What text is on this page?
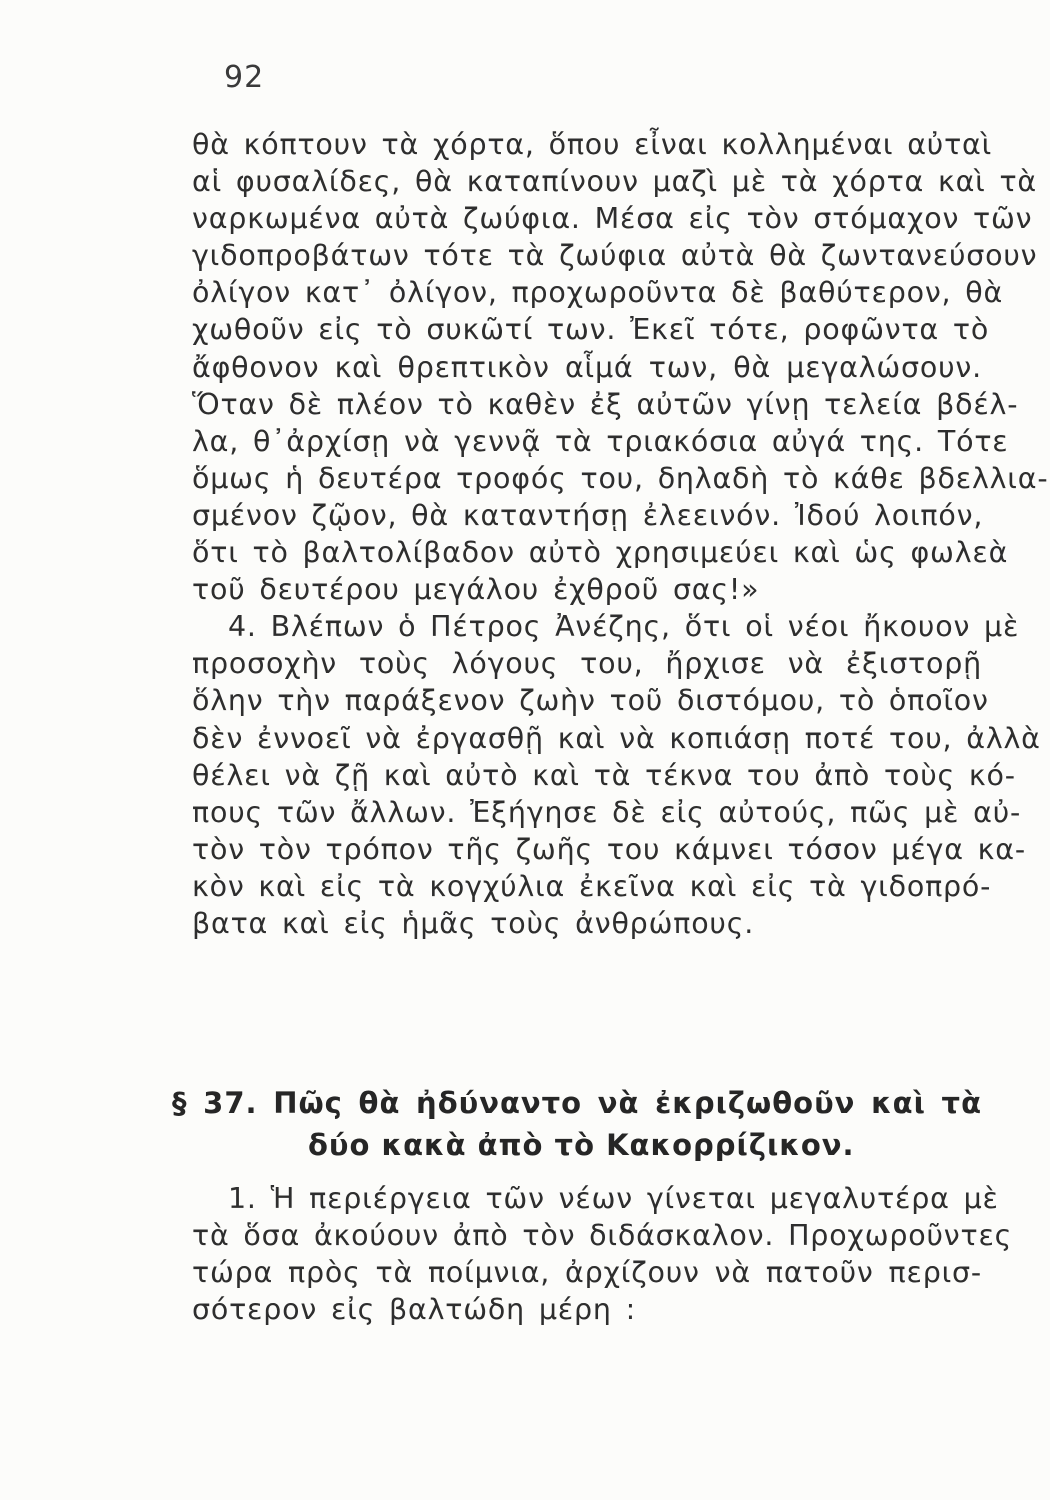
92
θὰ κόπτουν τὰ χόρτα, ὅπου εἶναι κολλημέναι αὐταὶ
αἱ φυσαλίδες, θὰ καταπίνουν μαζὶ μὲ τὰ χόρτα καὶ τὰ
ναρκωμένα αὐτὰ ζωύφια. Μέσα εἰς τὸν στόμαχον τῶν
γιδοπροβάτων τότε τὰ ζωύφια αὐτὰ θὰ ζωντανεύσουν
ὀλίγον κατ᾽ ὀλίγον, προχωροῦντα δὲ βαθύτερον, θὰ
χωθοῦν εἰς τὸ συκῶτί των. Ἐκεῖ τότε, ροφῶντα τὸ
ἄφθονον καὶ θρεπτικὸν αἷμά των, θὰ μεγαλώσουν.
Ὅταν δὲ πλέον τὸ καθὲν ἐξ αὐτῶν γίνῃ τελεία βδέλ-
λα, θ᾽ἀρχίσῃ νὰ γεννᾷ τὰ τριακόσια αὐγά της. Τότε
ὅμως ἡ δευτέρα τροφός του, δηλαδὴ τὸ κάθε βδελλια-
σμένον ζῷον, θὰ καταντήσῃ ἐλεεινόν. Ἰδού λοιπόν,
ὅτι τὸ βαλτολίβαδον αὐτὸ χρησιμεύει καὶ ὡς φωλεὰ
τοῦ δευτέρου μεγάλου ἐχθροῦ σας!»
4. Βλέπων ὁ Πέτρος Ἀνέζης, ὅτι οἱ νέοι ἤκουον μὲ
προσοχὴν τοὺς λόγους του, ἤρχισε νὰ ἐξιστορῇ
ὅλην τὴν παράξενον ζωὴν τοῦ διστόμου, τὸ ὁποῖον
δὲν ἐννοεῖ νὰ ἐργασθῇ καὶ νὰ κοπιάσῃ ποτέ του, ἀλλὰ
θέλει νὰ ζῇ καὶ αὐτὸ καὶ τὰ τέκνα του ἀπὸ τοὺς κό-
πους τῶν ἄλλων. Ἐξήγησε δὲ εἰς αὐτούς, πῶς μὲ αὐ-
τὸν τὸν τρόπον τῆς ζωῆς του κάμνει τόσον μέγα κα-
κὸν καὶ εἰς τὰ κογχύλια ἐκεῖνα καὶ εἰς τὰ γιδοπρό-
βατα καὶ εἰς ἡμᾶς τοὺς ἀνθρώπους.
§ 37. Πῶς θὰ ἠδύναντο νὰ ἐκριζωθοῦν καὶ τὰ
δύο κακὰ ἀπὸ τὸ Κακορρίζικον.
1. Ἡ περιέργεια τῶν νέων γίνεται μεγαλυτέρα μὲ
τὰ ὅσα ἀκούουν ἀπὸ τὸν διδάσκαλον. Προχωροῦντες
τώρα πρὸς τὰ ποίμνια, ἀρχίζουν νὰ πατοῦν περισ-
σότερον εἰς βαλτώδη μέρη :
